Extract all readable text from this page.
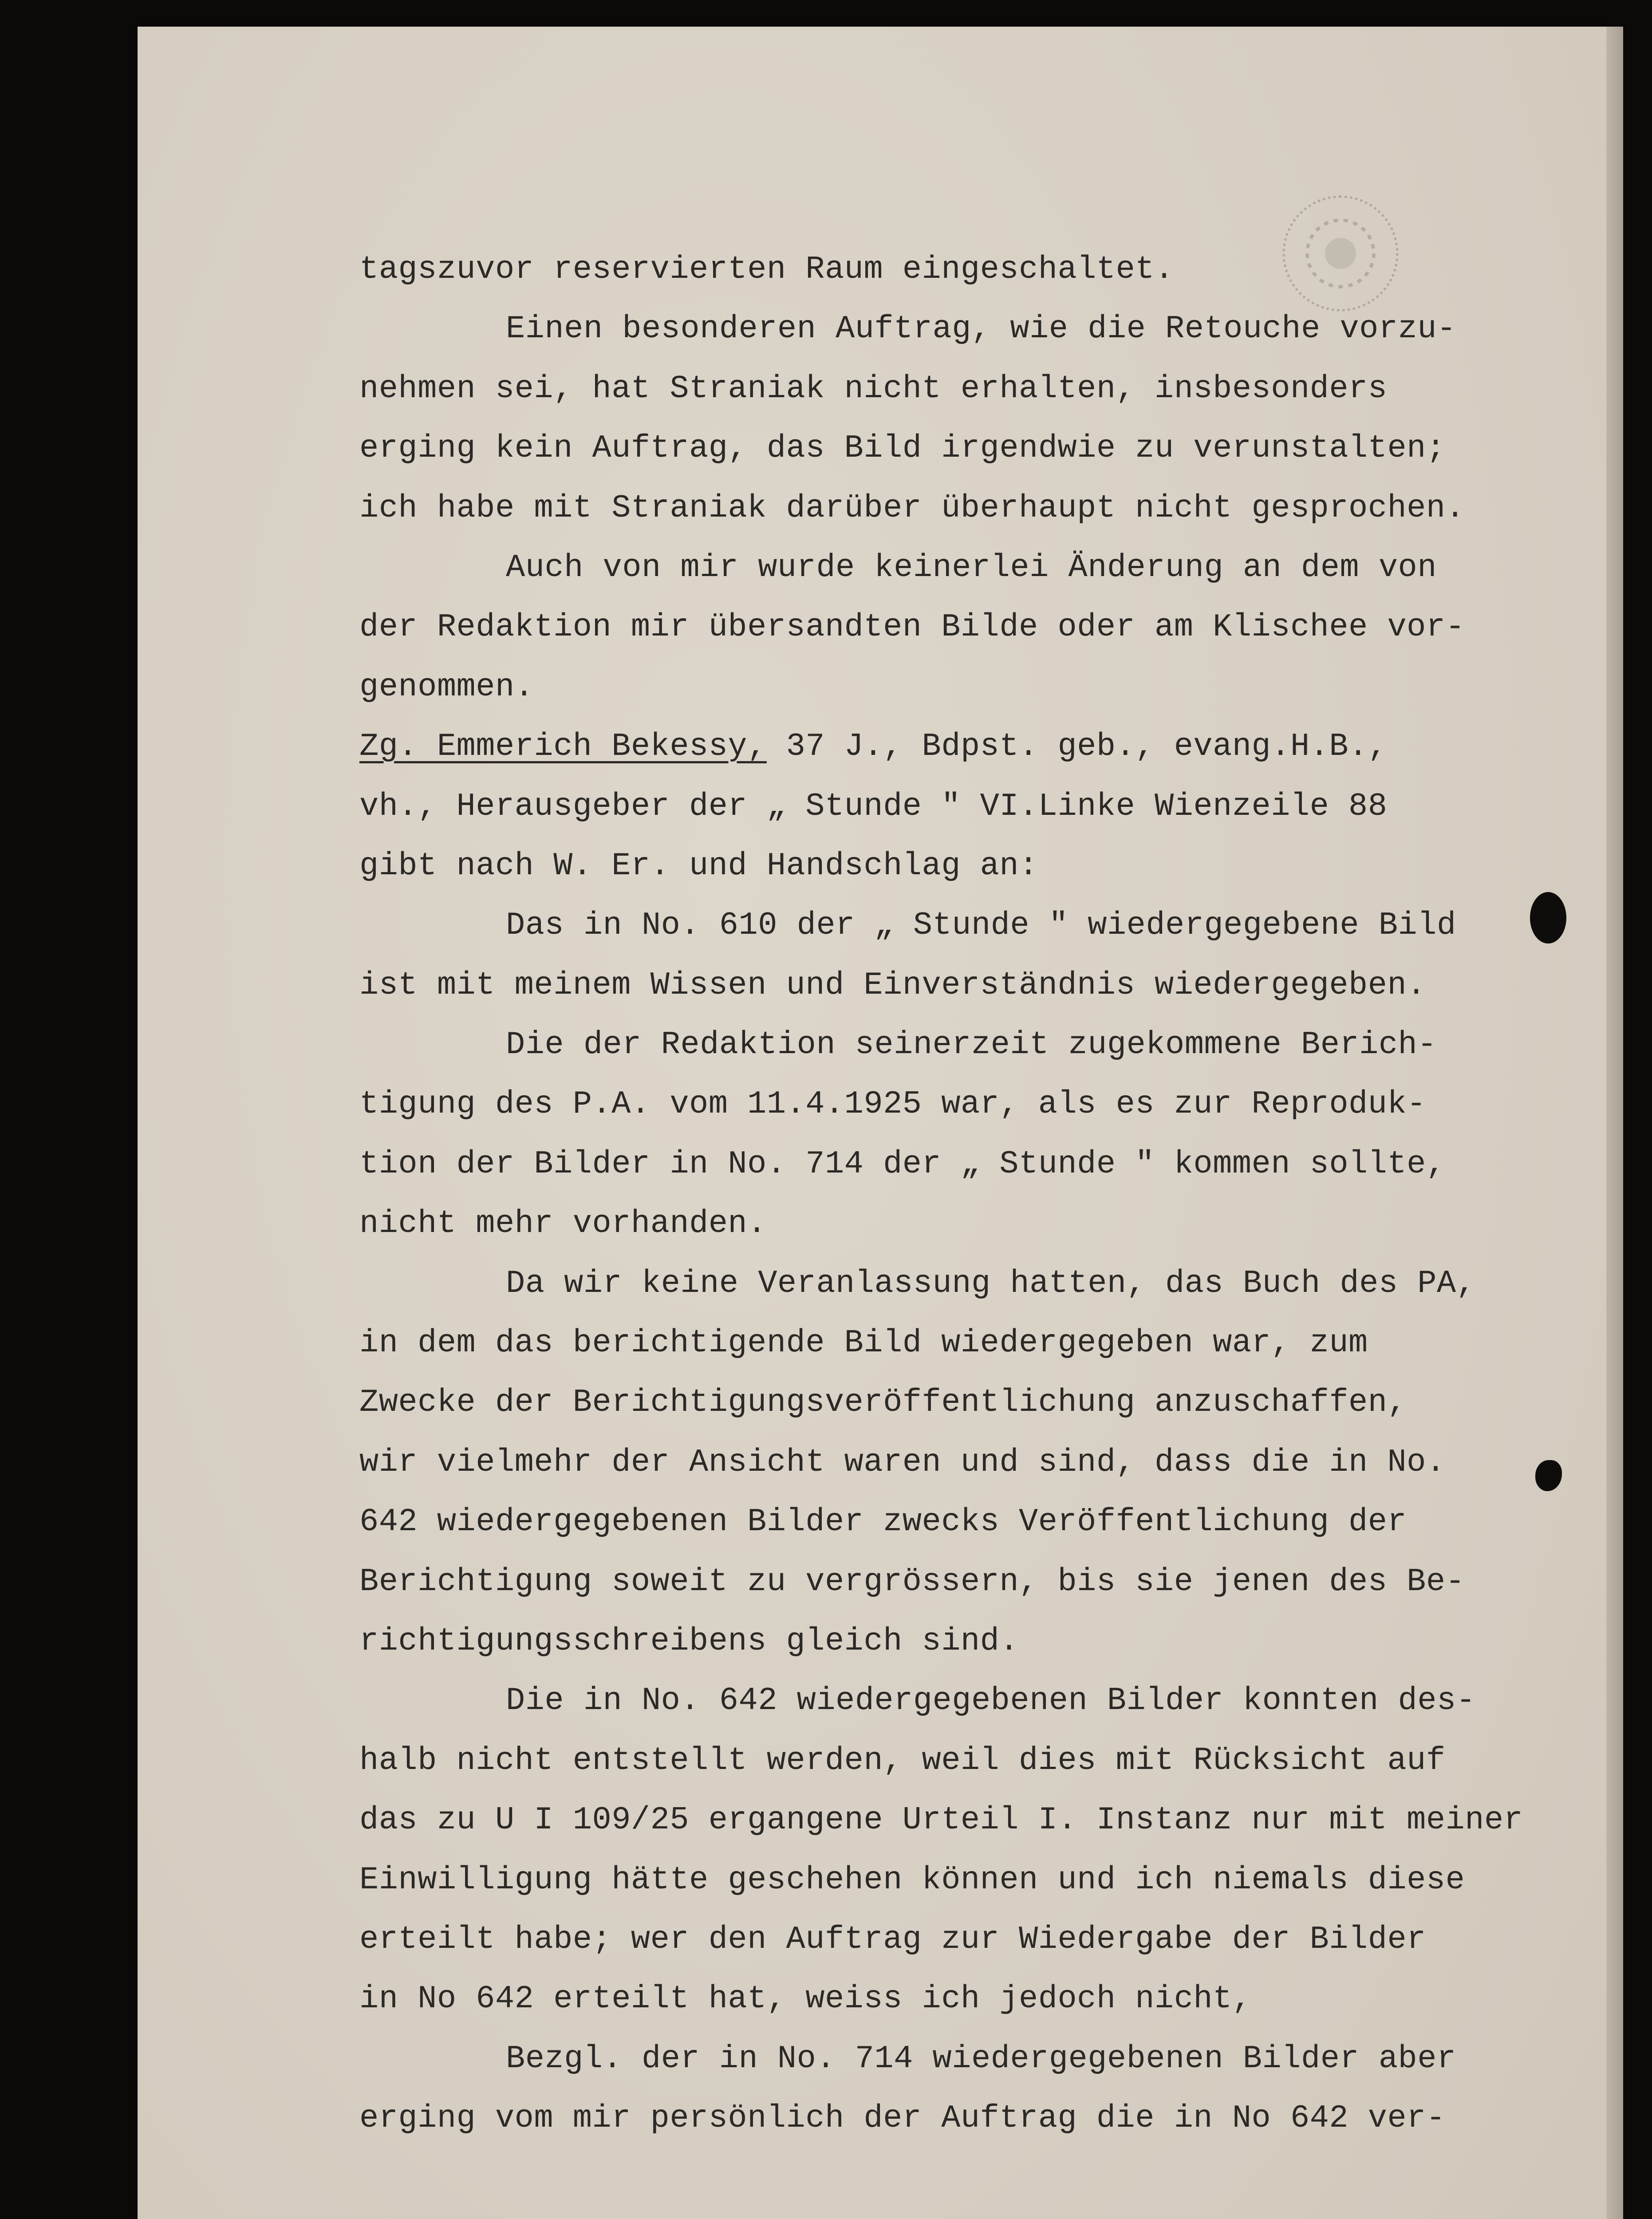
tagszuvor reservierten Raum eingeschaltet.
Einen besonderen Auftrag, wie die Retouche vorzu-
nehmen sei, hat Straniak nicht erhalten, insbesonders
erging kein Auftrag, das Bild irgendwie zu verunstalten;
ich habe mit Straniak darüber überhaupt nicht gesprochen.
Auch von mir wurde keinerlei Änderung an dem von
der Redaktion mir übersandten Bilde oder am Klischee vor-
genommen.
Zg. Emmerich Bekessy, 37 J., Bdpst. geb., evang.H.B.,
vh., Herausgeber der „ Stunde " VI.Linke Wienzeile 88
gibt nach W. Er. und Handschlag an:
Das in No. 610 der „ Stunde " wiedergegebene Bild
ist mit meinem Wissen und Einverständnis wiedergegeben.
Die der Redaktion seinerzeit zugekommene Berich-
tigung des P.A. vom 11.4.1925 war, als es zur Reproduk-
tion der Bilder in No. 714 der „ Stunde " kommen sollte,
nicht mehr vorhanden.
Da wir keine Veranlassung hatten, das Buch des PA,
in dem das berichtigende Bild wiedergegeben war, zum
Zwecke der Berichtigungsveröffentlichung anzuschaffen,
wir vielmehr der Ansicht waren und sind, dass die in No.
642 wiedergegebenen Bilder zwecks Veröffentlichung der
Berichtigung soweit zu vergrössern, bis sie jenen des Be-
richtigungsschreibens gleich sind.
Die in No. 642 wiedergegebenen Bilder konnten des-
halb nicht entstellt werden, weil dies mit Rücksicht auf
das zu U I 109/25 ergangene Urteil I. Instanz nur mit meiner
Einwilligung hätte geschehen können und ich niemals diese
erteilt habe; wer den Auftrag zur Wiedergabe der Bilder
in No 642 erteilt hat, weiss ich jedoch nicht,
Bezgl. der in No. 714 wiedergegebenen Bilder aber
erging vom mir persönlich der Auftrag die in No 642 ver-
